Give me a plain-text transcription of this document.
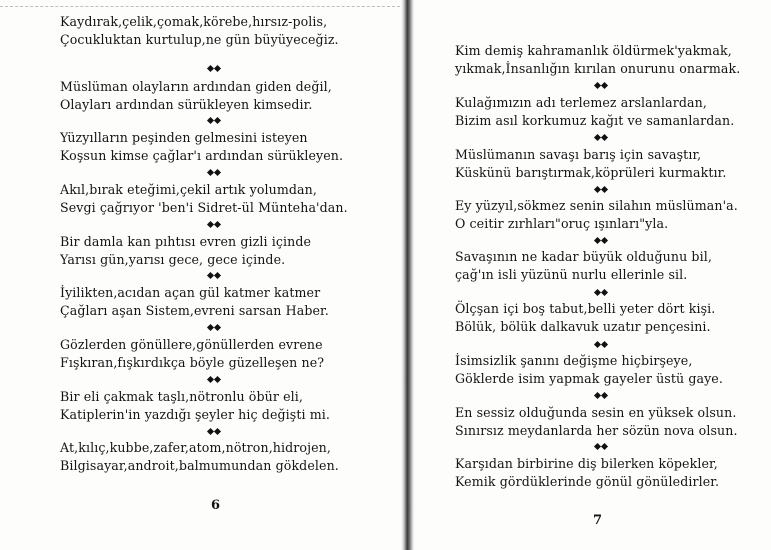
Kaydırak,çelik,çomak,körebe,hırsız-polis,
Çocukluktan kurtulup,ne gün büyüyeceğiz.
Müslüman olayların ardından giden değil,
Olayları ardından sürükleyen kimsedir.
Yüzyılların peşinden gelmesini isteyen
Koşsun kimse çağlar'ı ardından sürükleyen.
Akıl,bırak eteğimi,çekil artık yolumdan,
Sevgi çağrıyor 'ben'i Sidret-ül Münteha'dan.
Bir damla kan pıhtısı evren gizli içinde
Yarısı gün,yarısı gece, gece içinde.
İyilikten,acıdan açan gül katmer katmer
Çağları aşan Sistem,evreni sarsan Haber.
Gözlerden gönüllere,gönüllerden evrene
Fışkıran,fışkırdıkça böyle güzelleşen ne?
Bir eli çakmak taşlı,nötronlu öbür eli,
Katiplerin'in yazdığı şeyler hiç değişti mi.
At,kılıç,kubbe,zafer,atom,nötron,hidrojen,
Bilgisayar,androit,balmumundan gökdelen.
6
Kim demiş kahramanlık öldürmek'yakmak,
yıkmak,İnsanlığın kırılan onurunu onarmak.
Kulağımızın adı terlemez arslanlardan,
Bizim asıl korkumuz kağıt ve samanlardan.
Müslümanın savaşı barış için savaştır,
Küskünü barıştırmak,köprüleri kurmaktır.
Ey yüzyıl,sökmez senin silahın müslüman'a.
O ceitir zırhları"oruç ışınları"yla.
Savaşının ne kadar büyük olduğunu bil,
çağ'ın isli yüzünü nurlu ellerinle sil.
Ölçşan içi boş tabut,belli yeter dört kişi.
Bölük, bölük dalkavuk uzatır pençesini.
İsimsizlik şanını değişme hiçbirşeye,
Göklerde isim yapmak gayeler üstü gaye.
En sessiz olduğunda sesin en yüksek olsun.
Sınırsız meydanlarda her sözün nova olsun.
Karşıdan birbirine diş bilerken köpekler,
Kemik gördüklerinde gönül gönüledirler.
7
